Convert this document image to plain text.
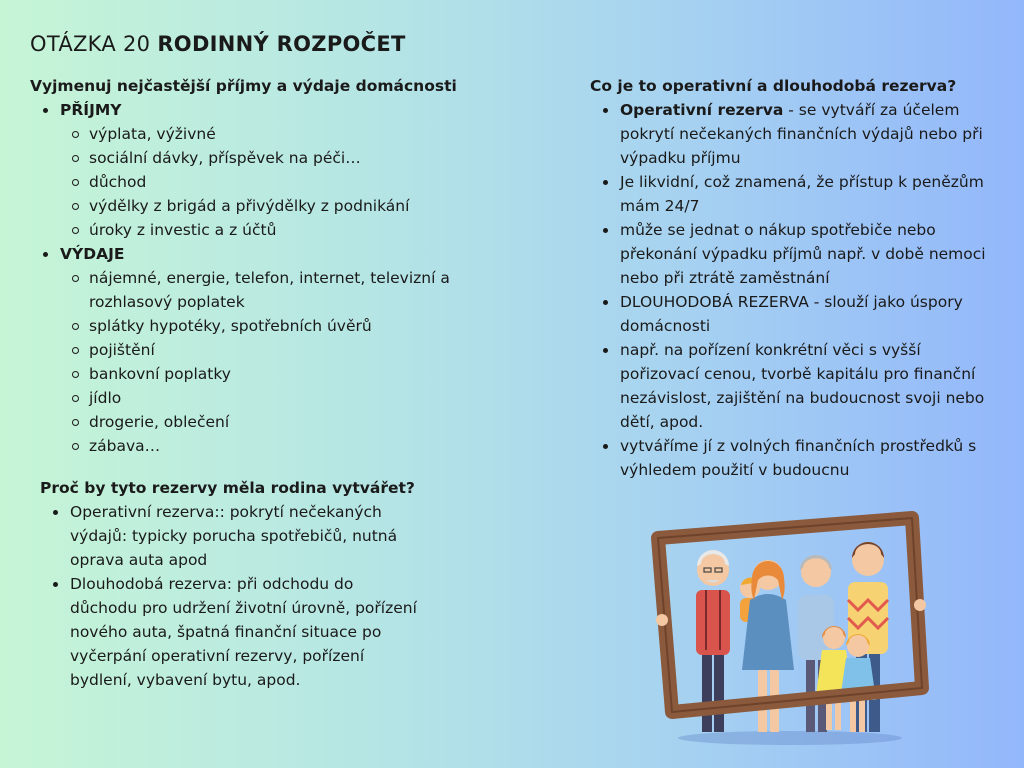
OTÁZKA 20 RODINNÝ ROZPOČET
Vyjmenuj nejčastější příjmy a výdaje domácnosti
PŘÍJMY
výplata, výživné
sociální dávky, příspěvek na péči…
důchod
výdělky z brigád a přivýdělky z podnikání
úroky z investic a z účtů
VÝDAJE
nájemné, energie, telefon, internet, televizní a rozhlasový poplatek
splátky hypotéky, spotřebních úvěrů
pojištění
bankovní poplatky
jídlo
drogerie, oblečení
zábava…
Proč by tyto rezervy měla rodina vytvářet?
Operativní rezerva:: pokrytí nečekaných výdajů: typicky porucha spotřebičů, nutná oprava auta apod
Dlouhodobá rezerva: při odchodu do důchodu pro udržení životní úrovně, pořízení nového auta, špatná finanční situace po vyčerpání operativní rezervy, pořízení bydlení, vybavení bytu, apod.
Co je to operativní a dlouhodobá rezerva?
Operativní rezerva - se vytváří za účelem pokrytí nečekaných finančních výdajů nebo při výpadku příjmu
Je likvidní, což znamená, že přístup k penězům mám 24/7
může se jednat o nákup spotřebiče nebo překonání výpadku příjmů např. v době nemoci nebo při ztrátě zaměstnání
DLOUHODOBÁ REZERVA - slouží jako úspory domácnosti
např. na pořízení konkrétní věci s vyšší pořizovací cenou, tvorbě kapitálu pro finanční nezávislost, zajištění na budoucnost svoji nebo dětí, apod.
vytváříme jí z volných finančních prostředků s výhledem použití v budoucnu
